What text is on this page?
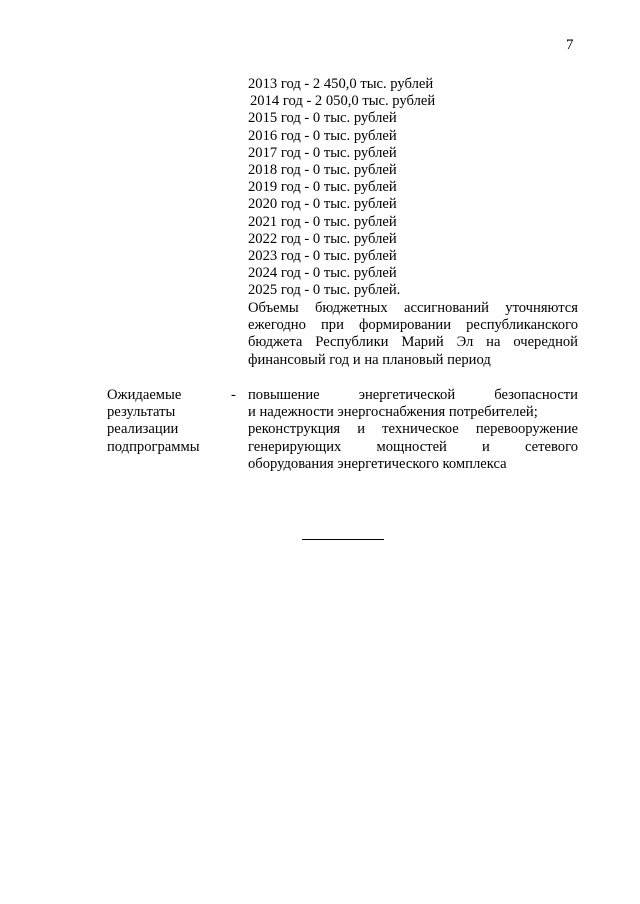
7
2013 год - 2 450,0 тыс. рублей
2014 год - 2 050,0 тыс. рублей
2015 год - 0 тыс. рублей
2016 год - 0 тыс. рублей
2017 год - 0 тыс. рублей
2018 год - 0 тыс. рублей
2019 год - 0 тыс. рублей
2020 год - 0 тыс. рублей
2021 год - 0 тыс. рублей
2022 год - 0 тыс. рублей
2023 год - 0 тыс. рублей
2024 год - 0 тыс. рублей
2025 год - 0 тыс. рублей.
Объемы бюджетных ассигнований уточняются ежегодно при формировании республиканского бюджета Республики Марий Эл на очередной финансовый год и на плановый период
Ожидаемые
результаты
реализации
подпрограммы
- повышение энергетической безопасности
и надежности энергоснабжения потребителей;
реконструкция и техническое перевооружение
генерирующих мощностей и сетевого
оборудования энергетического комплекса
